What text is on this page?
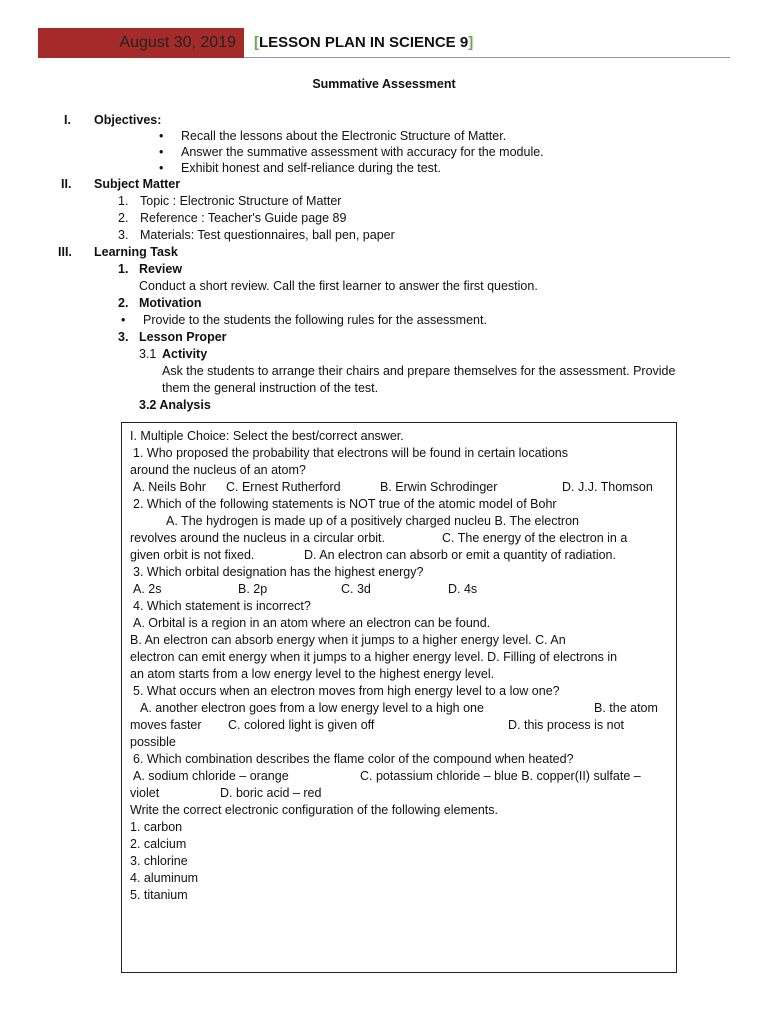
August 30, 2019	[LESSON PLAN IN SCIENCE 9]
Summative Assessment
I. Objectives:
• Recall the lessons about the Electronic Structure of Matter.
• Answer the summative assessment with accuracy for the module.
• Exhibit honest and self-reliance during the test.
II. Subject Matter
1. Topic : Electronic Structure of Matter
2. Reference : Teacher's Guide page 89
3. Materials: Test questionnaires, ball pen, paper
III. Learning Task
1. Review
Conduct a short review. Call the first learner to answer the first question.
2. Motivation
• Provide to the students the following rules for the assessment.
3. Lesson Proper
3.1 Activity
Ask the students to arrange their chairs and prepare themselves for the assessment. Provide
them the general instruction of the test.
3.2 Analysis
I. Multiple Choice: Select the best/correct answer.
1. Who proposed the probability that electrons will be found in certain locations
around the nucleus of an atom?
A. Neils Bohr C. Ernest Rutherford	B. Erwin Schrodinger	D. J.J. Thomson
2. Which of the following statements is NOT true of the atomic model of Bohr
A. The hydrogen is made up of a positively charged nucleu B. The electron
revolves around the nucleus in a circular orbit.	C. The energy of the electron in a
given orbit is not fixed.	D. An electron can absorb or emit a quantity of radiation.
3. Which orbital designation has the highest energy?
A. 2s	B. 2p	C. 3d	D. 4s
4. Which statement is incorrect?
A. Orbital is a region in an atom where an electron can be found.
B. An electron can absorb energy when it jumps to a higher energy level. C. An
electron can emit energy when it jumps to a higher energy level. D. Filling of electrons in
an atom starts from a low energy level to the highest energy level.
5. What occurs when an electron moves from high energy level to a low one?
A. another electron goes from a low energy level to a high one	B. the atom
moves faster C. colored light is given off	D. this process is not
possible
6. Which combination describes the flame color of the compound when heated?
A. sodium chloride – orange	C. potassium chloride – blue B. copper(II) sulfate –
violet	D. boric acid – red
Write the correct electronic configuration of the following elements.
1. carbon
2. calcium
3. chlorine
4. aluminum
5. titanium
